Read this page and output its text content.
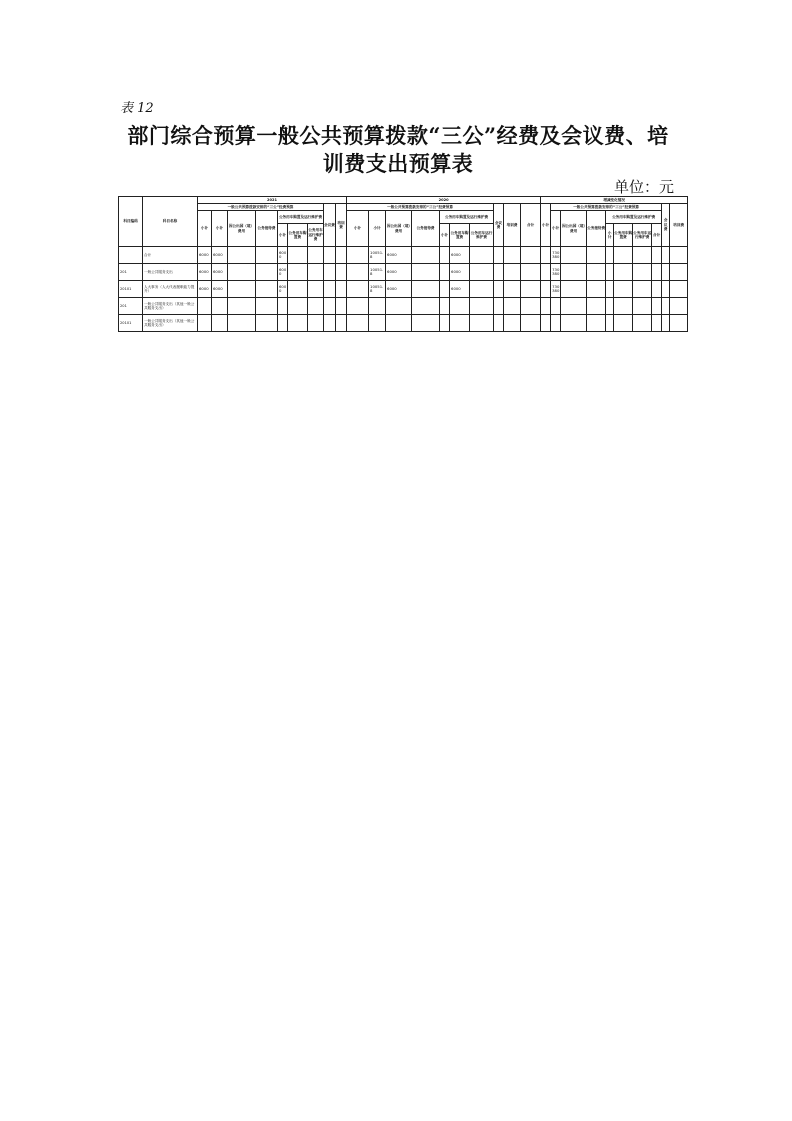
表 12
部门综合预算一般公共预算拨款“三公”经费及会议费、培
训费支出预算表
单位：元
科目编码	科目名称	2021									2020										增减变化情况									
		一般公共预算拨款安排的“三公”经费预算							会议费	培训费	一般公共预算拨款安排的“三公”经费预算							会议费	培训费	合计	小计	一般公共预算拨款安排的“三公”经费预算							会议费	培训费
		小计	小计	因公出国（境）费用	公务接待费	公务用车购置及运行维护费					小计	小计	因公出国（境）费用	公务接待费	公务用车购置及运行维护费							小计	因公出国（境）费用	公务接待费	公务用车购置及运行维护费					
						小计	公务用车购置费	公务用车运行维护费							小计	公务用车购置费	公务用车运行维护费								小计	公务用车购置费	公务用车运行维护费	合计		
	合计	6000	6000			6000						10051.8	6000			6000						730380								
201	一般公共服务支出	6000	6000			6000						10051.8	6000			6000						730380								
20101	人大事务（人大代表履职能力提升）	6000	6000			6000						10051.8	6000			6000						730380								
201	一般公共服务支出（其他一般公共服务支出）																													
20101	一般公共服务支出（其他一般公共服务支出）																													
